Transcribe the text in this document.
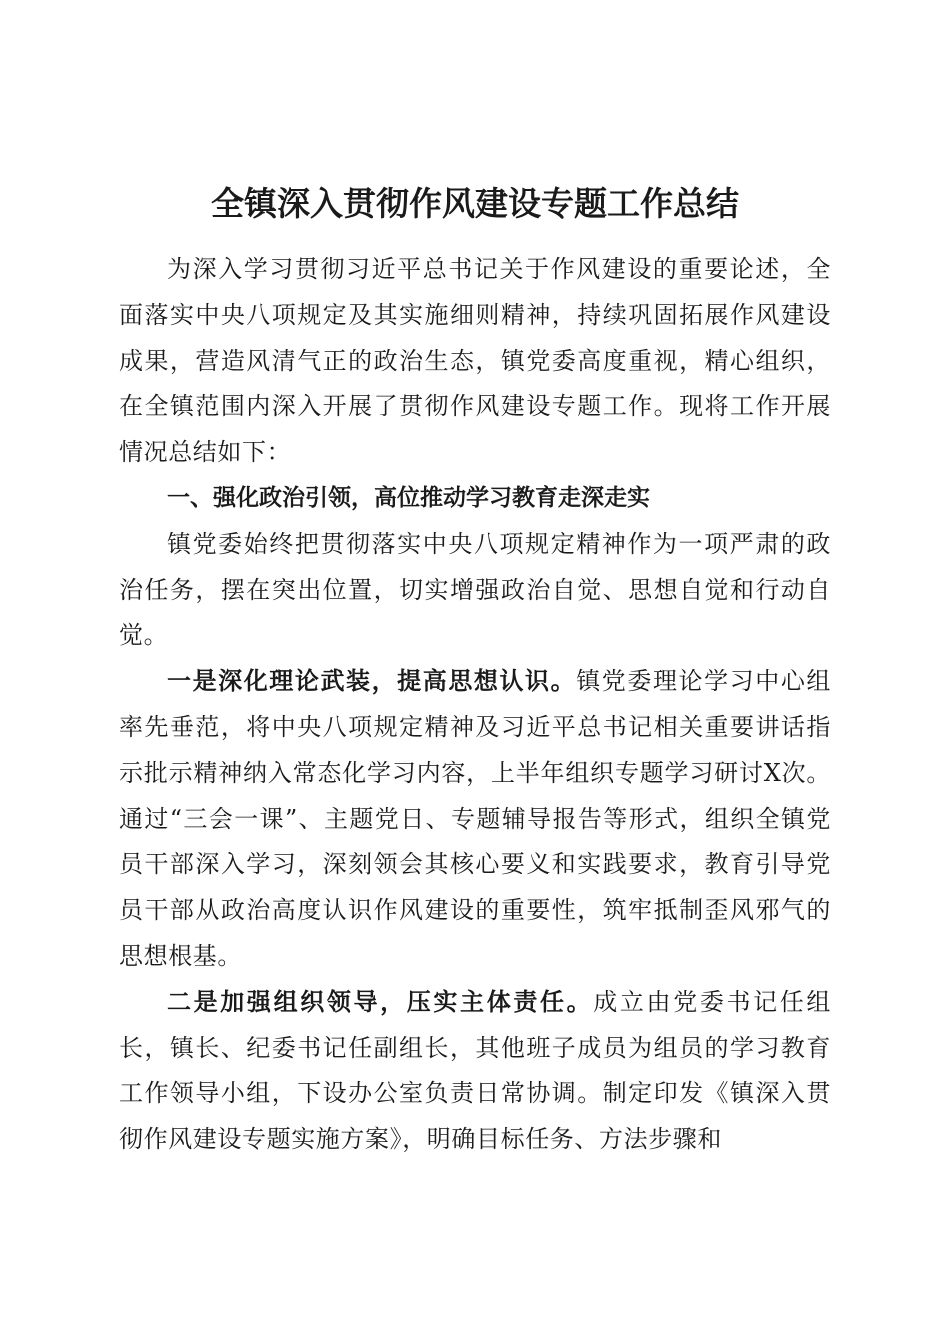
全镇深入贯彻作风建设专题工作总结

为深入学习贯彻习近平总书记关于作风建设的重要论述，全面落实中央八项规定及其实施细则精神，持续巩固拓展作风建设成果，营造风清气正的政治生态，镇党委高度重视，精心组织，在全镇范围内深入开展了贯彻作风建设专题工作。现将工作开展情况总结如下：

一、强化政治引领，高位推动学习教育走深走实

镇党委始终把贯彻落实中央八项规定精神作为一项严肃的政治任务，摆在突出位置，切实增强政治自觉、思想自觉和行动自觉。

一是深化理论武装，提高思想认识。镇党委理论学习中心组率先垂范，将中央八项规定精神及习近平总书记相关重要讲话指示批示精神纳入常态化学习内容，上半年组织专题学习研讨X次。通过“三会一课”、主题党日、专题辅导报告等形式，组织全镇党员干部深入学习，深刻领会其核心要义和实践要求，教育引导党员干部从政治高度认识作风建设的重要性，筑牢抵制歪风邪气的思想根基。

二是加强组织领导，压实主体责任。成立由党委书记任组长，镇长、纪委书记任副组长，其他班子成员为组员的学习教育工作领导小组，下设办公室负责日常协调。制定印发《镇深入贯彻作风建设专题实施方案》，明确目标任务、方法步骤和
